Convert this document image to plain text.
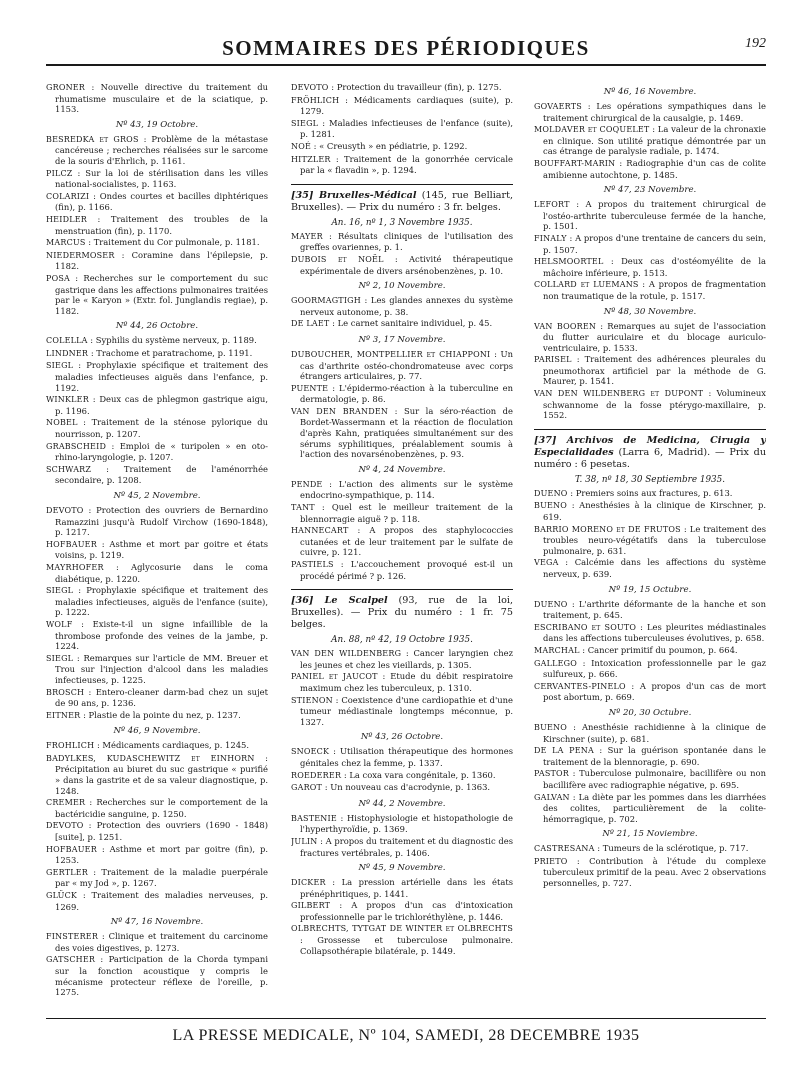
SOMMAIRES DES PÉRIODIQUES	192
GRONER : Nouvelle directive du traitement du rhumatisme musculaire et de la sciatique, p. 1153.
Nº 43, 19 Octobre.
BESREDKA et GROS : Problème de la métastase cancéreuse ; recherches réalisées sur le sarcome de la souris d'Ehrlich, p. 1161.
PILCZ : Sur la loi de stérilisation dans les villes national-socialistes, p. 1163.
COLARIZI : Ondes courtes et bacilles diphtériques (fin), p. 1166.
HEIDLER : Traitement des troubles de la menstruation (fin), p. 1170.
MARCUS : Traitement du Cor pulmonale, p. 1181.
NIEDERMOSER : Coramine dans l'épilepsie, p. 1182.
POSA : Recherches sur le comportement du suc gastrique dans les affections pulmonaires traitées par le « Karyon » (Extr. fol. Junglandis regiae), p. 1182.
Nº 44, 26 Octobre.
COLELLA : Syphilis du système nerveux, p. 1189.
LINDNER : Trachome et paratrachome, p. 1191.
SIEGL : Prophylaxie spécifique et traitement des maladies infectieuses aiguës dans l'enfance, p. 1192.
WINKLER : Deux cas de phlegmon gastrique aigu, p. 1196.
NOBEL : Traitement de la sténose pylorique du nourrisson, p. 1207.
GRABSCHEID : Emploi de « turipolen » en oto-rhino-laryngologie, p. 1207.
SCHWARZ : Traitement de l'aménorrhée secondaire, p. 1208.
Nº 45, 2 Novembre.
DEVOTO : Protection des ouvriers de Bernardino Ramazzini jusqu'à Rudolf Virchow (1690-1848), p. 1217.
HOFBAUER : Asthme et mort par goitre et états voisins, p. 1219.
MAYRHOFER : Aglycosurie dans le coma diabétique, p. 1220.
SIEGL : Prophylaxie spécifique et traitement des maladies infectieuses, aiguës de l'enfance (suite), p. 1222.
WOLF : Existe-t-il un signe infaillible de la thrombose profonde des veines de la jambe, p. 1224.
SIEGL : Remarques sur l'article de MM. Breuer et Trou sur l'injection d'alcool dans les maladies infectieuses, p. 1225.
BROSCH : Entero-cleaner darm-bad chez un sujet de 90 ans, p. 1236.
EITNER : Plastie de la pointe du nez, p. 1237.
Nº 46, 9 Novembre.
FROHLICH : Médicaments cardiaques, p. 1245.
BADYLKES, KUDASCHEWITZ et EINHORN : Précipitation au biuret du suc gastrique « purifié » dans la gastrite et de sa valeur diagnostique, p. 1248.
CREMER : Recherches sur le comportement de la bactéricidie sanguine, p. 1250.
DEVOTO : Protection des ouvriers (1690 - 1848) [suite], p. 1251.
HOFBAUER : Asthme et mort par goitre (fin), p. 1253.
GERTLER : Traitement de la maladie puerpérale par « my Jod », p. 1267.
GLÜCK : Traitement des maladies nerveuses, p. 1269.
Nº 47, 16 Novembre.
FINSTERER : Clinique et traitement du carcinome des voies digestives, p. 1273.
GATSCHER : Participation de la Chorda tympani sur la fonction acoustique y compris le mécanisme protecteur réflexe de l'oreille, p. 1275.
DEVOTO : Protection du travailleur (fin), p. 1275.
FRÖHLICH : Médicaments cardiaques (suite), p. 1279.
SIEGL : Maladies infectieuses de l'enfance (suite), p. 1281.
NOÉ : « Creusyth » en pédiatrie, p. 1292.
HITZLER : Traitement de la gonorrhée cervicale par la « flavadin », p. 1294.
[35] Bruxelles-Médical (145, rue Belliart, Bruxelles). — Prix du numéro : 3 fr. belges.
An. 16, nº 1, 3 Novembre 1935.
MAYER : Résultats cliniques de l'utilisation des greffes ovariennes, p. 1.
DUBOIS et NOËL : Activité thérapeutique expérimentale de divers arsénobenzènes, p. 10.
Nº 2, 10 Novembre.
GOORMAGTIGH : Les glandes annexes du système nerveux autonome, p. 38.
DE LAET : Le carnet sanitaire individuel, p. 45.
Nº 3, 17 Novembre.
DUBOUCHER, MONTPELLIER et CHIAPPONI : Un cas d'arthrite ostéo-chondromateuse avec corps étrangers articulaires, p. 77.
PUENTE : L'épidermo-réaction à la tuberculine en dermatologie, p. 86.
VAN DEN BRANDEN : Sur la séro-réaction de Bordet-Wassermann et la réaction de floculation d'après Kahn, pratiquées simultanément sur des sérums syphilitiques, préalablement soumis à l'action des novarsénobenzènes, p. 93.
Nº 4, 24 Novembre.
PENDE : L'action des aliments sur le système endocrino-sympathique, p. 114.
TANT : Quel est le meilleur traitement de la blennorragie aiguë ? p. 118.
HANNECART : A propos des staphylococcies cutanées et de leur traitement par le sulfate de cuivre, p. 121.
PASTIELS : L'accouchement provoqué est-il un procédé périmé ? p. 126.
[36] Le Scalpel (93, rue de la loi, Bruxelles). — Prix du numéro : 1 fr. 75 belges.
An. 88, nº 42, 19 Octobre 1935.
VAN DEN WILDENBERG : Cancer laryngien chez les jeunes et chez les vieillards, p. 1305.
PANIEL et JAUCOT : Etude du débit respiratoire maximum chez les tuberculeux, p. 1310.
STIENON : Coexistence d'une cardiopathie et d'une tumeur médiastinale longtemps méconnue, p. 1327.
Nº 43, 26 Octobre.
SNOECK : Utilisation thérapeutique des hormones génitales chez la femme, p. 1337.
ROEDERER : La coxa vara congénitale, p. 1360.
GAROT : Un nouveau cas d'acrodynie, p. 1363.
Nº 44, 2 Novembre.
BASTENIE : Histophysiologie et histopathologie de l'hyperthyroïdie, p. 1369.
JULIN : A propos du traitement et du diagnostic des fractures vertébrales, p. 1406.
Nº 45, 9 Novembre.
DICKER : La pression artérielle dans les états prénéphritiques, p. 1441.
GILBERT : A propos d'un cas d'intoxication professionnelle par le trichloréthylène, p. 1446.
OLBRECHTS, TYTGAT DE WINTER et OLBRECHTS : Grossesse et tuberculose pulmonaire. Collapsothérapie bilatérale, p. 1449.
Nº 46, 16 Novembre.
GOVAERTS : Les opérations sympathiques dans le traitement chirurgical de la causalgie, p. 1469.
MOLDAVER et COQUELET : La valeur de la chronaxie en clinique. Son utilité pratique démontrée par un cas étrange de paralysie radiale, p. 1474.
BOUFFART-MARIN : Radiographie d'un cas de colite amibienne autochtone, p. 1485.
Nº 47, 23 Novembre.
LEFORT : A propos du traitement chirurgical de l'ostéo-arthrite tuberculeuse fermée de la hanche, p. 1501.
FINALY : A propos d'une trentaine de cancers du sein, p. 1507.
HELSMOORTEL : Deux cas d'ostéomyélite de la mâchoire inférieure, p. 1513.
COLLARD et LUEMANS : A propos de fragmentation non traumatique de la rotule, p. 1517.
Nº 48, 30 Novembre.
VAN BOOREN : Remarques au sujet de l'association du flutter auriculaire et du blocage auriculo-ventriculaire, p. 1533.
PARISEL : Traitement des adhérences pleurales du pneumothorax artificiel par la méthode de G. Maurer, p. 1541.
VAN DEN WILDENBERG et DUPONT : Volumineux schwannome de la fosse ptérygo-maxillaire, p. 1552.
[37] Archivos de Medicina, Cirugia y Especialidades (Larra 6, Madrid). — Prix du numéro : 6 pesetas.
T. 38, nº 18, 30 Septiembre 1935.
DUENO : Premiers soins aux fractures, p. 613.
BUENO : Anesthésies à la clinique de Kirschner, p. 619.
BARRIO MORENO et DE FRUTOS : Le traitement des troubles neuro-végétatifs dans la tuberculose pulmonaire, p. 631.
VEGA : Calcémie dans les affections du système nerveux, p. 639.
Nº 19, 15 Octubre.
DUENO : L'arthrite déformante de la hanche et son traitement, p. 645.
ESCRIBANO et SOUTO : Les pleurites médiastinales dans les affections tuberculeuses évolutives, p. 658.
MARCHAL : Cancer primitif du poumon, p. 664.
GALLEGO : Intoxication professionnelle par le gaz sulfureux, p. 666.
CERVANTES-PINELO : A propos d'un cas de mort post abortum, p. 669.
Nº 20, 30 Octubre.
BUENO : Anesthésie rachidienne à la clinique de Kirschner (suite), p. 681.
DE LA PENA : Sur la guérison spontanée dans le traitement de la blennoragie, p. 690.
PASTOR : Tuberculose pulmonaire, bacillifère ou non bacillifère avec radiographie négative, p. 695.
GALVAN : La diète par les pommes dans les diarrhées des colites, particulièrement de la colite-hémorragique, p. 702.
Nº 21, 15 Noviembre.
CASTRESANA : Tumeurs de la sclérotique, p. 717.
PRIETO : Contribution à l'étude du complexe tuberculeux primitif de la peau. Avec 2 observations personnelles, p. 727.
LA PRESSE MEDICALE, Nº 104, SAMEDI, 28 DECEMBRE 1935
